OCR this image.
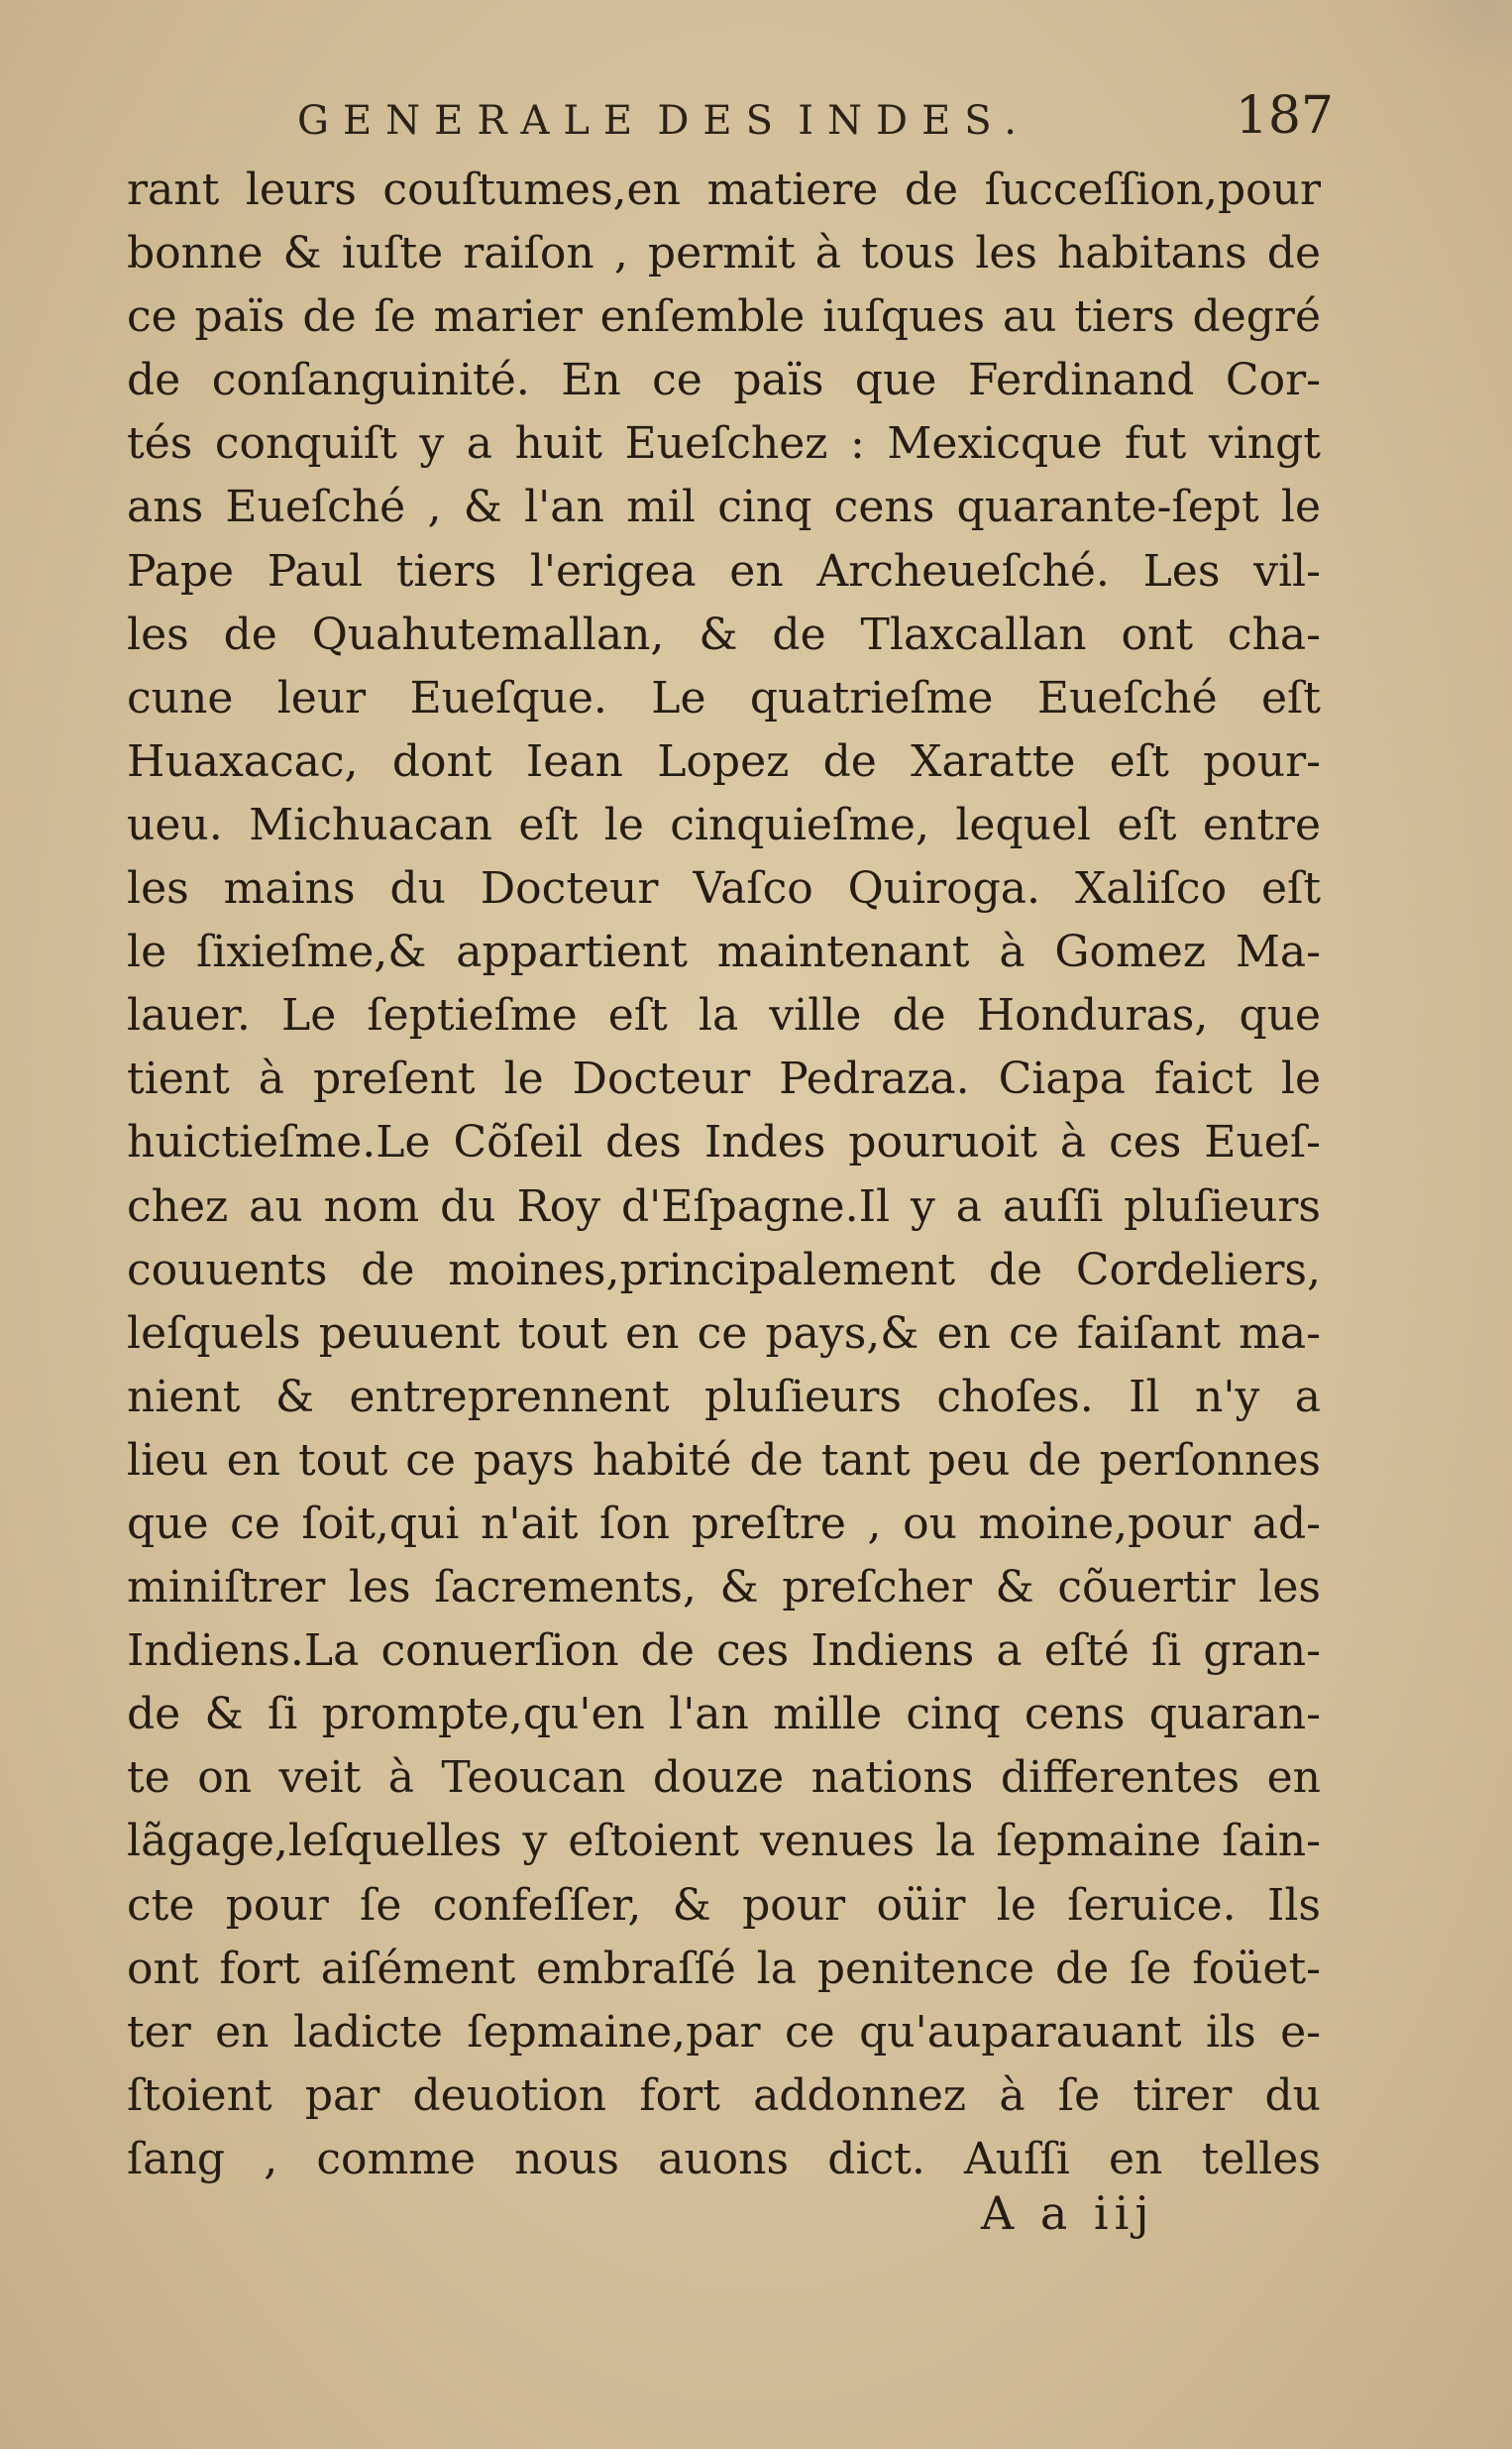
GENERALE DES INDES.	187
rant leurs couſtumes,en matiere de ſucceſſion,pour
bonne & iuſte raiſon , permit à tous les habitans de
ce païs de ſe marier enſemble iuſques au tiers degré
de conſanguinité. En ce païs que Ferdinand Cor-
tés conquiſt y a huit Eueſchez : Mexicque fut vingt
ans Eueſché , & l'an mil cinq cens quarante-ſept le
Pape Paul tiers l'erigea en Archeueſché. Les vil-
les de Quahutemallan, & de Tlaxcallan ont cha-
cune leur Eueſque. Le quatrieſme Eueſché eſt
Huaxacac, dont Iean Lopez de Xaratte eſt pour-
ueu. Michuacan eſt le cinquieſme, lequel eſt entre
les mains du Docteur Vaſco Quiroga. Xaliſco eſt
le ſixieſme,& appartient maintenant à Gomez Ma-
lauer. Le ſeptieſme eſt la ville de Honduras, que
tient à preſent le Docteur Pedraza. Ciapa faict le
huictieſme.Le Cõſeil des Indes pouruoit à ces Eueſ-
chez au nom du Roy d'Eſpagne.Il y a auſſi pluſieurs
couuents de moines,principalement de Cordeliers,
leſquels peuuent tout en ce pays,& en ce faiſant ma-
nient & entreprennent pluſieurs choſes. Il n'y a
lieu en tout ce pays habité de tant peu de perſonnes
que ce ſoit,qui n'ait ſon preſtre , ou moine,pour ad-
miniſtrer les ſacrements, & preſcher & cõuertir les
Indiens.La conuerſion de ces Indiens a eſté ſi gran-
de & ſi prompte,qu'en l'an mille cinq cens quaran-
te on veit à Teoucan douze nations differentes en
lãgage,leſquelles y eſtoient venues la ſepmaine ſain-
cte pour ſe confeſſer, & pour oüir le ſeruice. Ils
ont fort aiſément embraſſé la penitence de ſe foüet-
ter en ladicte ſepmaine,par ce qu'auparauant ils e-
ſtoient par deuotion fort addonnez à ſe tirer du
ſang , comme nous auons dict. Auſſi en telles
A a iij
